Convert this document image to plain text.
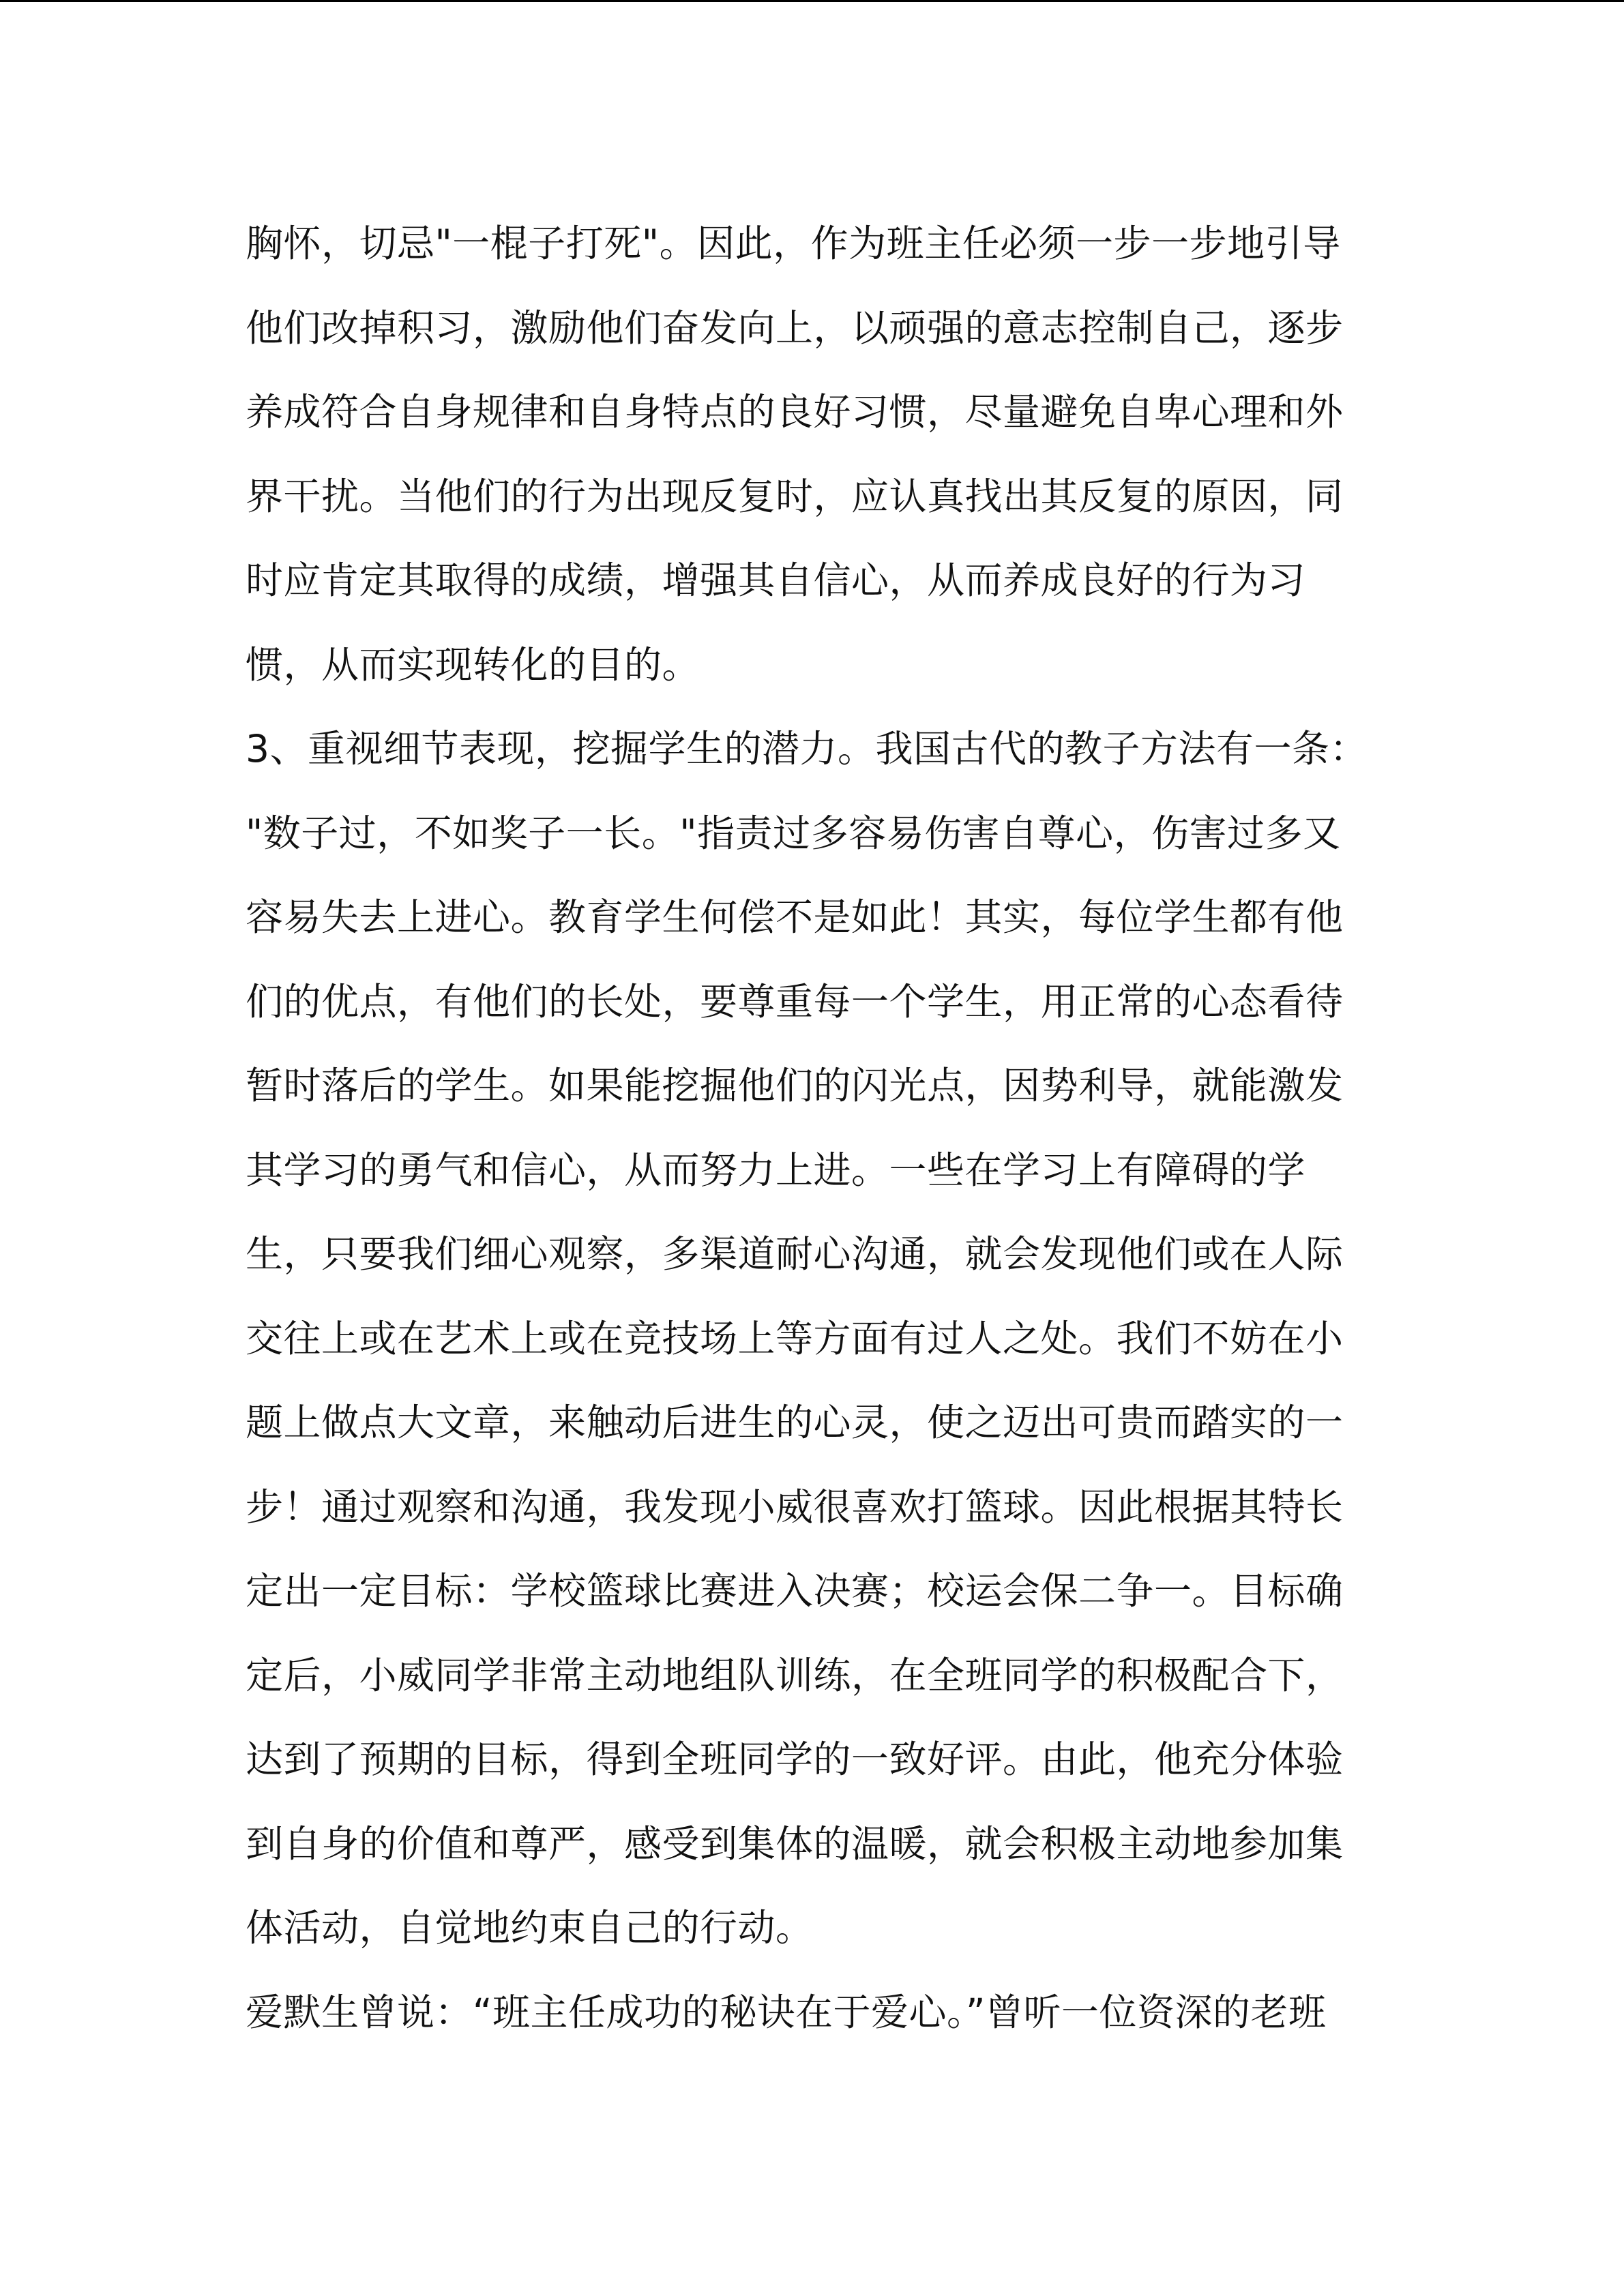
胸怀，切忌"一棍子打死"。因此，作为班主任必须一步一步地引导

他们改掉积习，激励他们奋发向上，以顽强的意志控制自己，逐步

养成符合自身规律和自身特点的良好习惯，尽量避免自卑心理和外

界干扰。当他们的行为出现反复时，应认真找出其反复的原因，同

时应肯定其取得的成绩，增强其自信心，从而养成良好的行为习

惯，从而实现转化的目的。

3、重视细节表现，挖掘学生的潜力。我国古代的教子方法有一条：

"数子过，不如奖子一长。"指责过多容易伤害自尊心，伤害过多又

容易失去上进心。教育学生何偿不是如此！其实，每位学生都有他

们的优点，有他们的长处，要尊重每一个学生，用正常的心态看待

暂时落后的学生。如果能挖掘他们的闪光点，因势利导，就能激发

其学习的勇气和信心，从而努力上进。一些在学习上有障碍的学

生，只要我们细心观察，多渠道耐心沟通，就会发现他们或在人际

交往上或在艺术上或在竞技场上等方面有过人之处。我们不妨在小

题上做点大文章，来触动后进生的心灵，使之迈出可贵而踏实的一

步！通过观察和沟通，我发现小威很喜欢打篮球。因此根据其特长

定出一定目标：学校篮球比赛进入决赛；校运会保二争一。目标确

定后，小威同学非常主动地组队训练，在全班同学的积极配合下，

达到了预期的目标，得到全班同学的一致好评。由此，他充分体验

到自身的价值和尊严，感受到集体的温暖，就会积极主动地参加集

体活动，自觉地约束自己的行动。

爱默生曾说：“班主任成功的秘诀在于爱心。”曾听一位资深的老班
